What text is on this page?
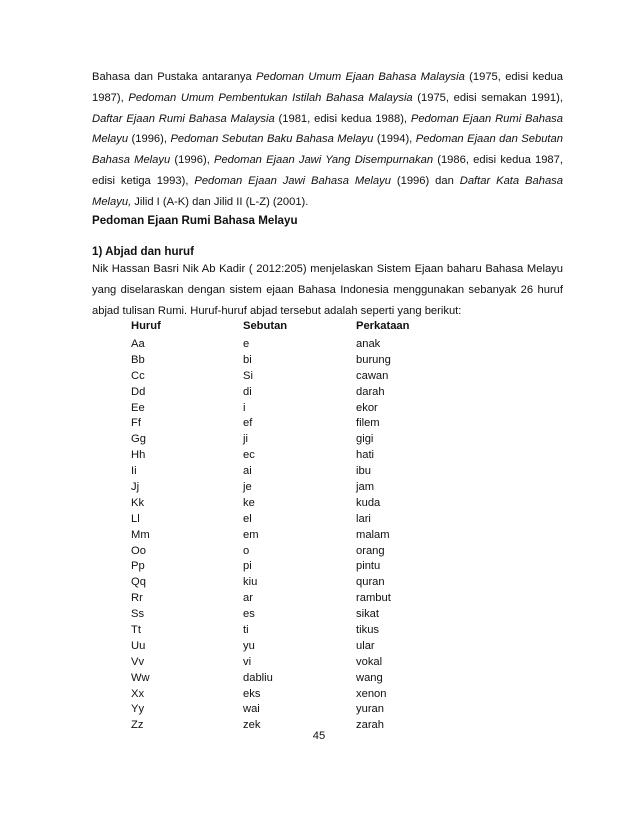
Bahasa dan Pustaka antaranya Pedoman Umum Ejaan Bahasa Malaysia (1975, edisi kedua 1987), Pedoman Umum Pembentukan Istilah Bahasa Malaysia (1975, edisi semakan 1991), Daftar Ejaan Rumi Bahasa Malaysia (1981, edisi kedua 1988), Pedoman Ejaan Rumi Bahasa Melayu (1996), Pedoman Sebutan Baku Bahasa Melayu (1994), Pedoman Ejaan dan Sebutan Bahasa Melayu (1996), Pedoman Ejaan Jawi Yang Disempurnakan (1986, edisi kedua 1987, edisi ketiga 1993), Pedoman Ejaan Jawi Bahasa Melayu (1996) dan Daftar Kata Bahasa Melayu, Jilid I (A-K) dan Jilid II (L-Z) (2001).

Pedoman Ejaan Rumi Bahasa Melayu

1) Abjad dan huruf

Nik Hassan Basri Nik Ab Kadir ( 2012:205) menjelaskan Sistem Ejaan baharu Bahasa Melayu yang diselaraskan dengan sistem ejaan Bahasa Indonesia menggunakan sebanyak 26 huruf abjad tulisan Rumi. Huruf-huruf abjad tersebut adalah seperti yang berikut:

Huruf	Sebutan	Perkataan
Aa	e	anak
Bb	bi	burung
Cc	Si	cawan
Dd	di	darah
Ee	i	ekor
Ff	ef	filem
Gg	ji	gigi
Hh	ec	hati
Ii	ai	ibu
Jj	je	jam
Kk	ke	kuda
Ll	el	lari
Mm	em	malam
Oo	o	orang
Pp	pi	pintu
Qq	kiu	quran
Rr	ar	rambut
Ss	es	sikat
Tt	ti	tikus
Uu	yu	ular
Vv	vi	vokal
Ww	dabliu	wang
Xx	eks	xenon
Yy	wai	yuran
Zz	zek	zarah
45
